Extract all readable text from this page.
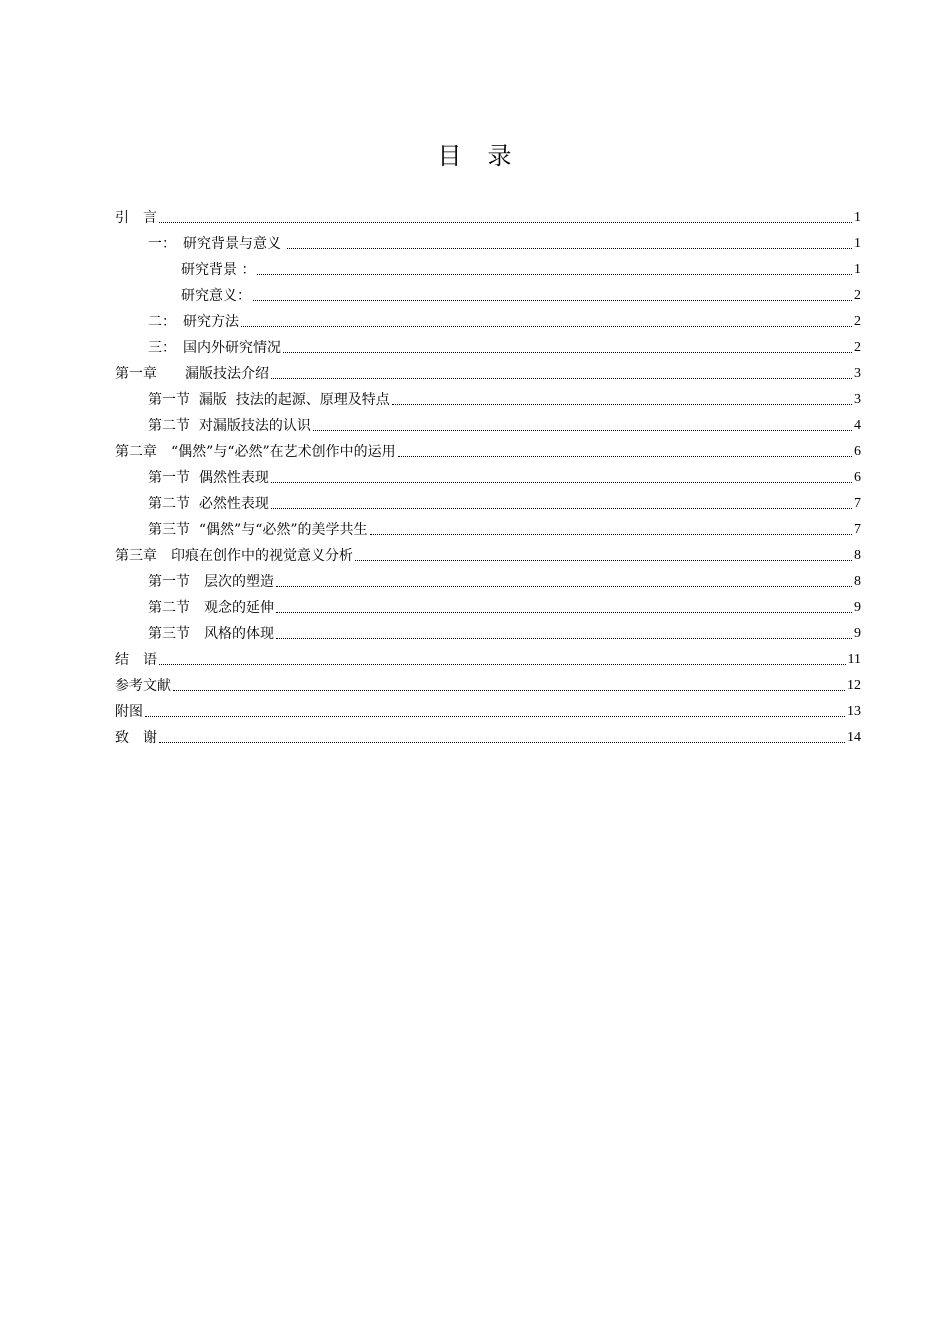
目　录
引　言	1
一：　研究背景与意义	1
研究背景 ：	1
研究意义：	2
二：　研究方法	2
三：　国内外研究情况	2
第一章　　漏版技法介绍	3
第一节  漏版  技法的起源、原理及特点	3
第二节  对漏版技法的认识	4
第二章　“偶然”与“必然”在艺术创作中的运用	6
第一节  偶然性表现	6
第二节  必然性表现	7
第三节  “偶然”与“必然”的美学共生	7
第三章　印痕在创作中的视觉意义分析	8
第一节　层次的塑造	8
第二节　观念的延伸	9
第三节　风格的体现	9
结　语	11
参考文献	12
附图	13
致　谢	14
